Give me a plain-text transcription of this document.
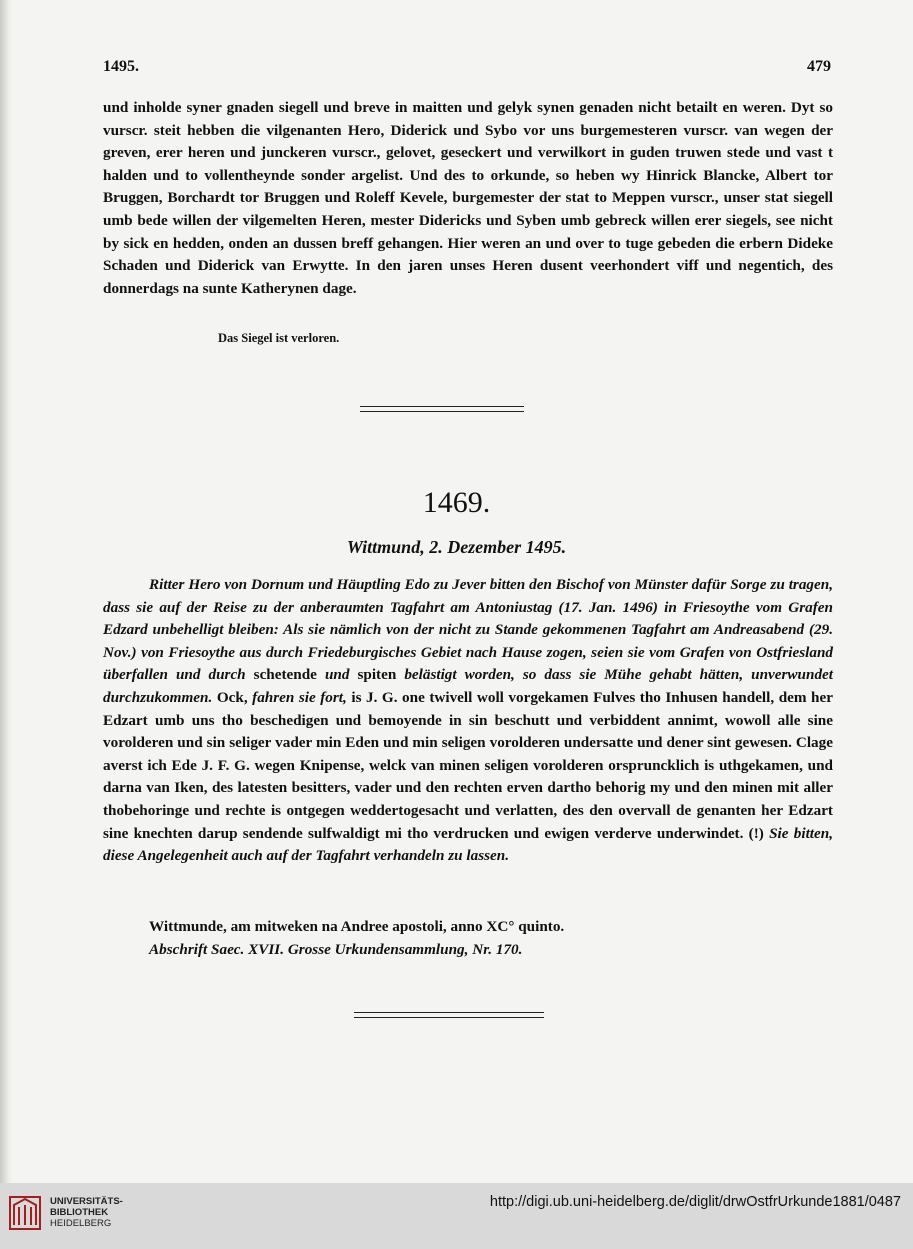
1495.	479
und inholde syner gnaden siegell und breve in maitten und gelyk synen genaden nicht betailt en weren. Dyt so vurscr. steit hebben die vilgenanten Hero, Diderick und Sybo vor uns burgemesteren vurscr. van wegen der greven, erer heren und junckeren vurscr., gelovet, geseckert und verwilkort in guden truwen stede und vast t halden und to vollentheynde sonder argelist. Und des to orkunde, so heben wy Hinrick Blancke, Albert tor Bruggen, Borchardt tor Bruggen und Roleff Kevele, burgemester der stat to Meppen vurscr., unser stat siegell umb bede willen der vilgemelten Heren, mester Didericks und Syben umb gebreck willen erer siegels, see nicht by sick en hedden, onden an dussen breff gehangen. Hier weren an und over to tuge gebeden die erbern Dideke Schaden und Diderick van Erwytte. In den jaren unses Heren dusent veerhondert viff und negentich, des donnerdags na sunte Katherynen dage.
Das Siegel ist verloren.
1469.
Wittmund, 2. Dezember 1495.
Ritter Hero von Dornum und Häuptling Edo zu Jever bitten den Bischof von Münster dafür Sorge zu tragen, dass sie auf der Reise zu der anberaumten Tagfahrt am Antoniustag (17. Jan. 1496) in Friesoythe vom Grafen Edzard unbehelligt bleiben: Als sie nämlich von der nicht zu Stande gekommenen Tagfahrt am Andreasabend (29. Nov.) von Friesoythe aus durch Friedeburgisches Gebiet nach Hause zogen, seien sie vom Grafen von Ostfriesland überfallen und durch schetende und spiten belästigt worden, so dass sie Mühe gehabt hätten, unverwundet durchzukommen. Ock, fahren sie fort, is J. G. one twivell woll vorgekamen Fulves tho Inhusen handell, dem her Edzart umb uns tho beschedigen und bemoyende in sin beschutt und verbiddent annimt, wowoll alle sine vorolderen und sin seliger vader min Eden und min seligen vorolderen undersatte und dener sint gewesen. Clage averst ich Ede J. F. G. wegen Knipense, welck van minen seligen vorolderen orspruncklich is uthgekamen, und darna van Iken, des latesten besitters, vader und den rechten erven dartho behorig my und den minen mit aller thobehoringe und rechte is ontgegen weddertogesacht und verlatten, des den overvall de genanten her Edzart sine knechten darup sendende sulfwaldigt mi tho verdrucken und ewigen verderve underwindet. (!) Sie bitten, diese Angelegenheit auch auf der Tagfahrt verhandeln zu lassen.
Wittmunde, am mitweken na Andree apostoli, anno XC° quinto.
Abschrift Saec. XVII. Grosse Urkundensammlung, Nr. 170.
UNIVERSITÄTS-
BIBLIOTHEK
HEIDELBERG
http://digi.ub.uni-heidelberg.de/diglit/drwOstfrUrkunde1881/0487
